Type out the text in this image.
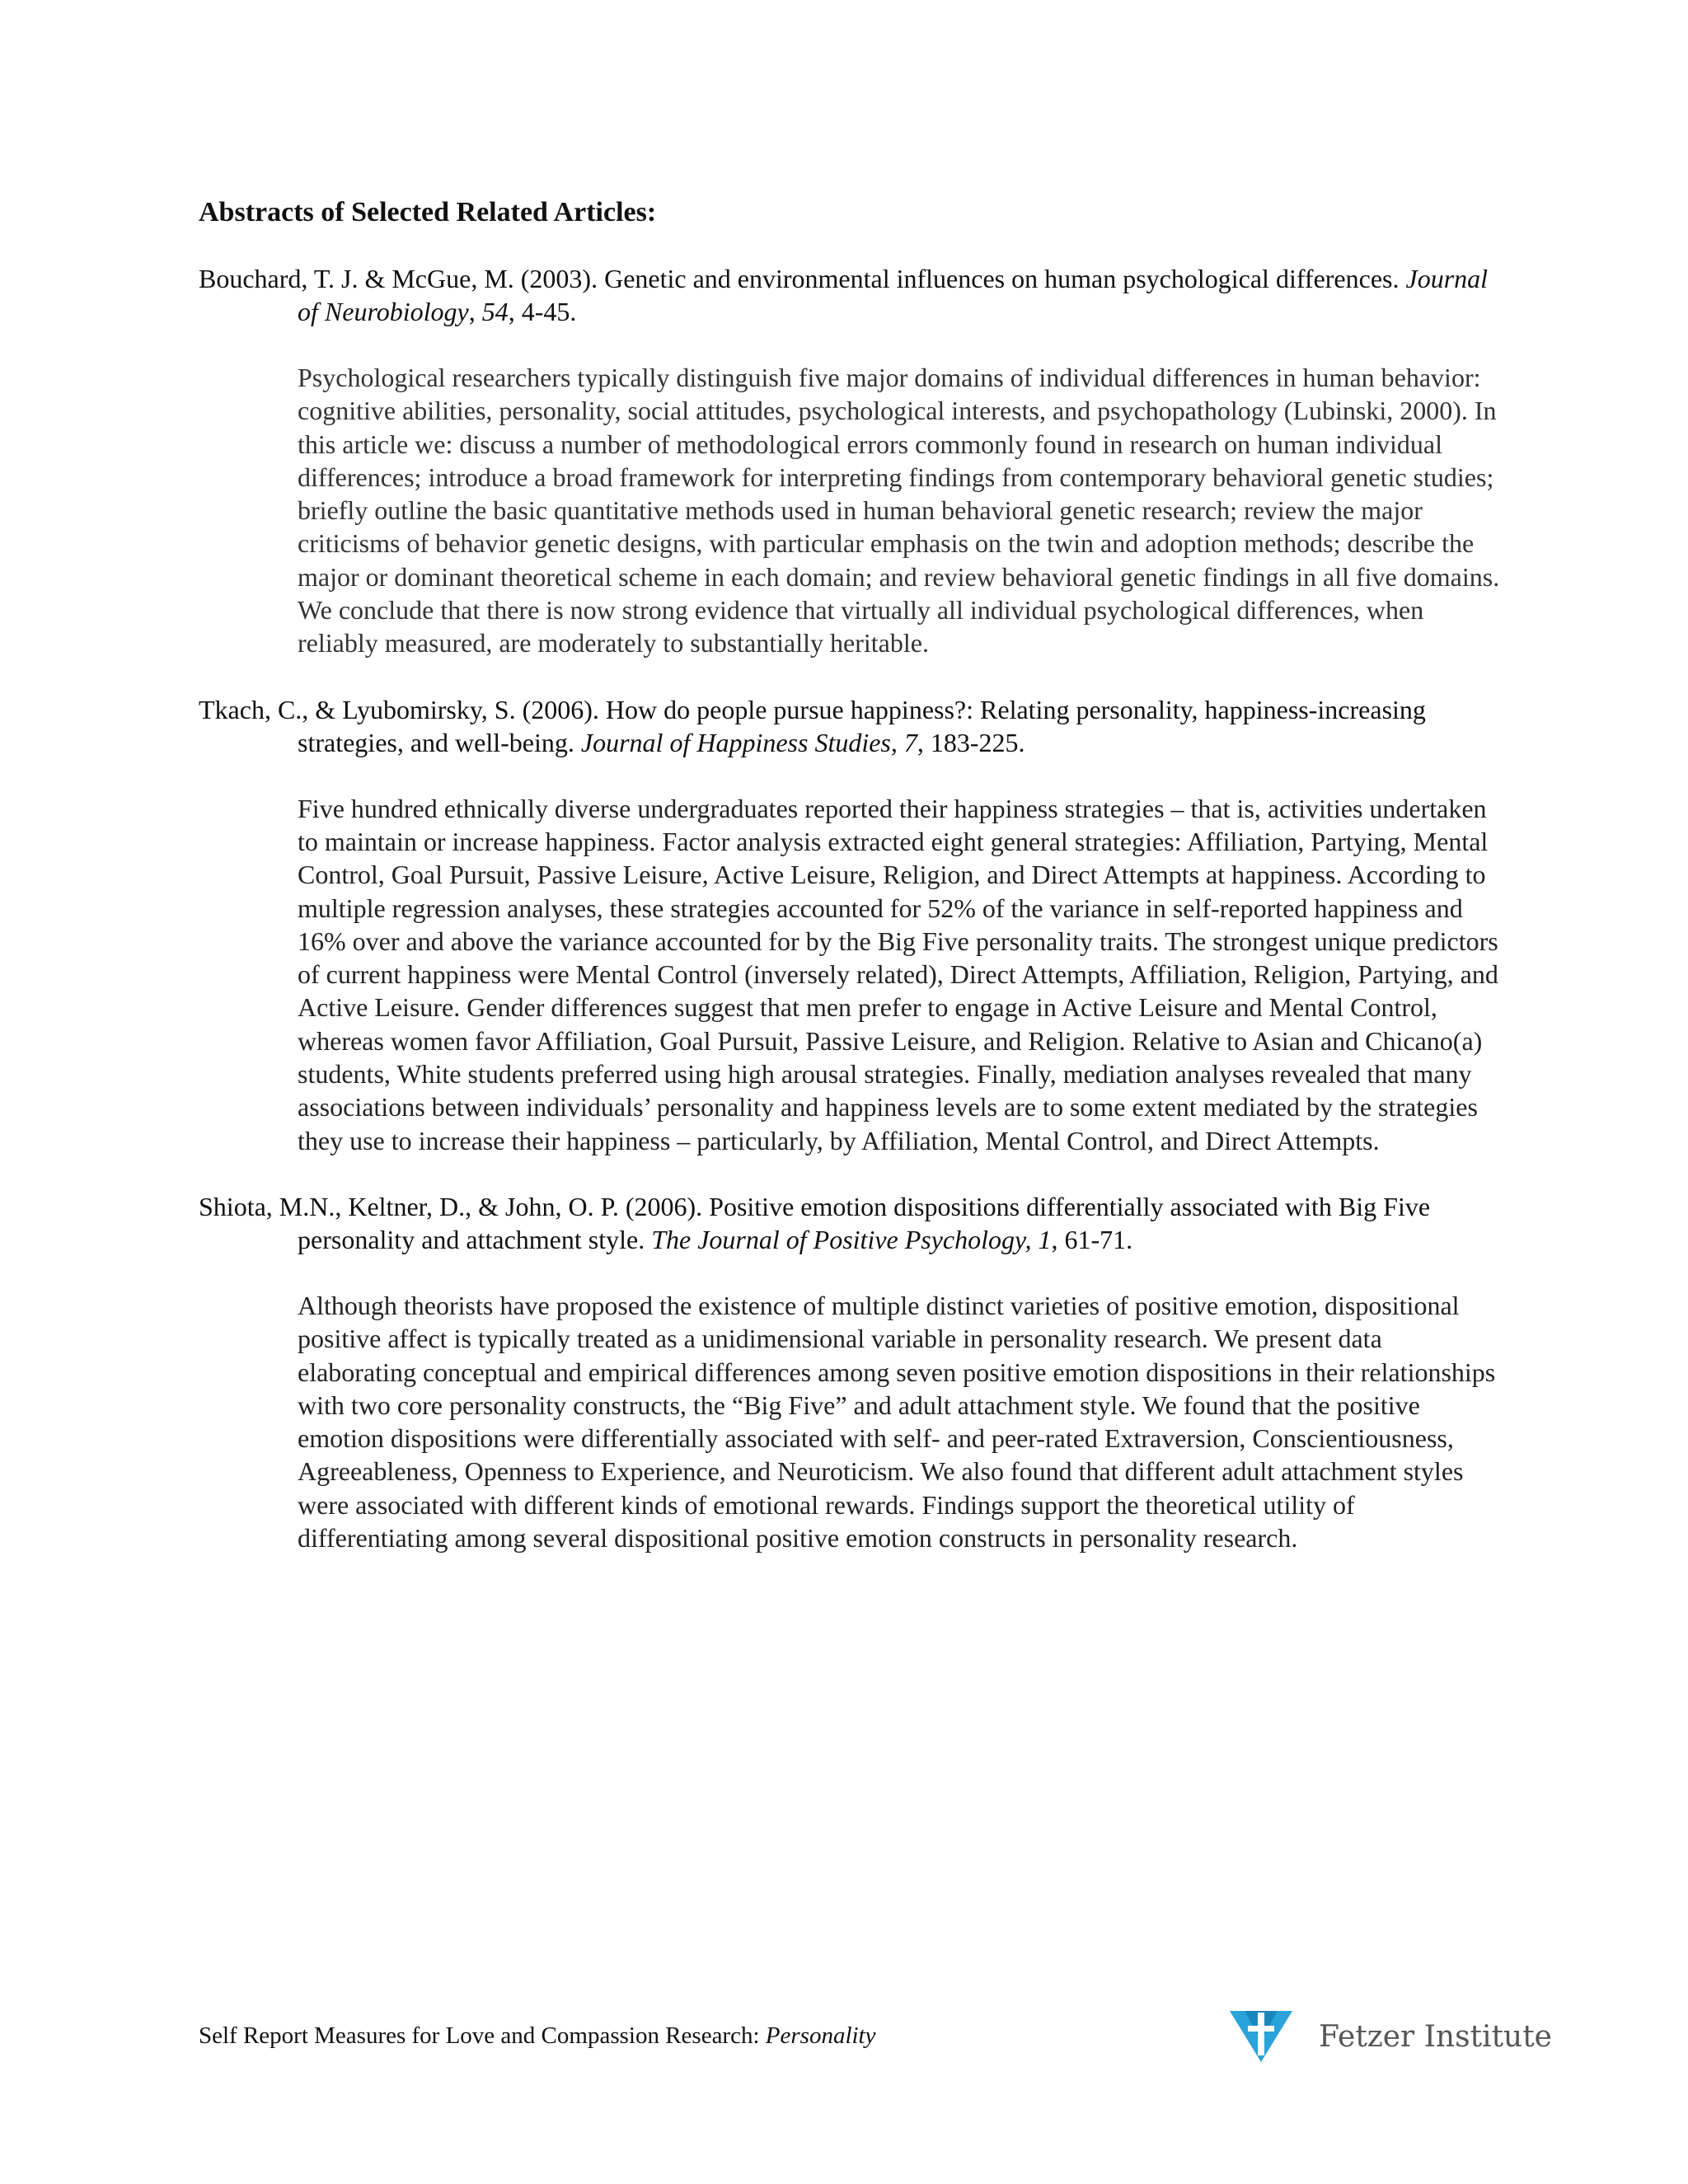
Abstracts of Selected Related Articles:

Bouchard, T. J. & McGue, M. (2003). Genetic and environmental influences on human psychological differences. Journal of Neurobiology, 54, 4-45.

Psychological researchers typically distinguish five major domains of individual differences in human behavior: cognitive abilities, personality, social attitudes, psychological interests, and psychopathology (Lubinski, 2000). In this article we: discuss a number of methodological errors commonly found in research on human individual differences; introduce a broad framework for interpreting findings from contemporary behavioral genetic studies; briefly outline the basic quantitative methods used in human behavioral genetic research; review the major criticisms of behavior genetic designs, with particular emphasis on the twin and adoption methods; describe the major or dominant theoretical scheme in each domain; and review behavioral genetic findings in all five domains. We conclude that there is now strong evidence that virtually all individual psychological differences, when reliably measured, are moderately to substantially heritable.

Tkach, C., & Lyubomirsky, S. (2006). How do people pursue happiness?: Relating personality, happiness-increasing strategies, and well-being. Journal of Happiness Studies, 7, 183-225.

Five hundred ethnically diverse undergraduates reported their happiness strategies – that is, activities undertaken to maintain or increase happiness. Factor analysis extracted eight general strategies: Affiliation, Partying, Mental Control, Goal Pursuit, Passive Leisure, Active Leisure, Religion, and Direct Attempts at happiness. According to multiple regression analyses, these strategies accounted for 52% of the variance in self-reported happiness and 16% over and above the variance accounted for by the Big Five personality traits. The strongest unique predictors of current happiness were Mental Control (inversely related), Direct Attempts, Affiliation, Religion, Partying, and Active Leisure. Gender differences suggest that men prefer to engage in Active Leisure and Mental Control, whereas women favor Affiliation, Goal Pursuit, Passive Leisure, and Religion. Relative to Asian and Chicano(a) students, White students preferred using high arousal strategies. Finally, mediation analyses revealed that many associations between individuals’ personality and happiness levels are to some extent mediated by the strategies they use to increase their happiness – particularly, by Affiliation, Mental Control, and Direct Attempts.

Shiota, M.N., Keltner, D., & John, O. P. (2006). Positive emotion dispositions differentially associated with Big Five personality and attachment style. The Journal of Positive Psychology, 1, 61-71.

Although theorists have proposed the existence of multiple distinct varieties of positive emotion, dispositional positive affect is typically treated as a unidimensional variable in personality research. We present data elaborating conceptual and empirical differences among seven positive emotion dispositions in their relationships with two core personality constructs, the “Big Five” and adult attachment style. We found that the positive emotion dispositions were differentially associated with self- and peer-rated Extraversion, Conscientiousness, Agreeableness, Openness to Experience, and Neuroticism. We also found that different adult attachment styles were associated with different kinds of emotional rewards. Findings support the theoretical utility of differentiating among several dispositional positive emotion constructs in personality research.

Self Report Measures for Love and Compassion Research: Personality	Fetzer Institute
